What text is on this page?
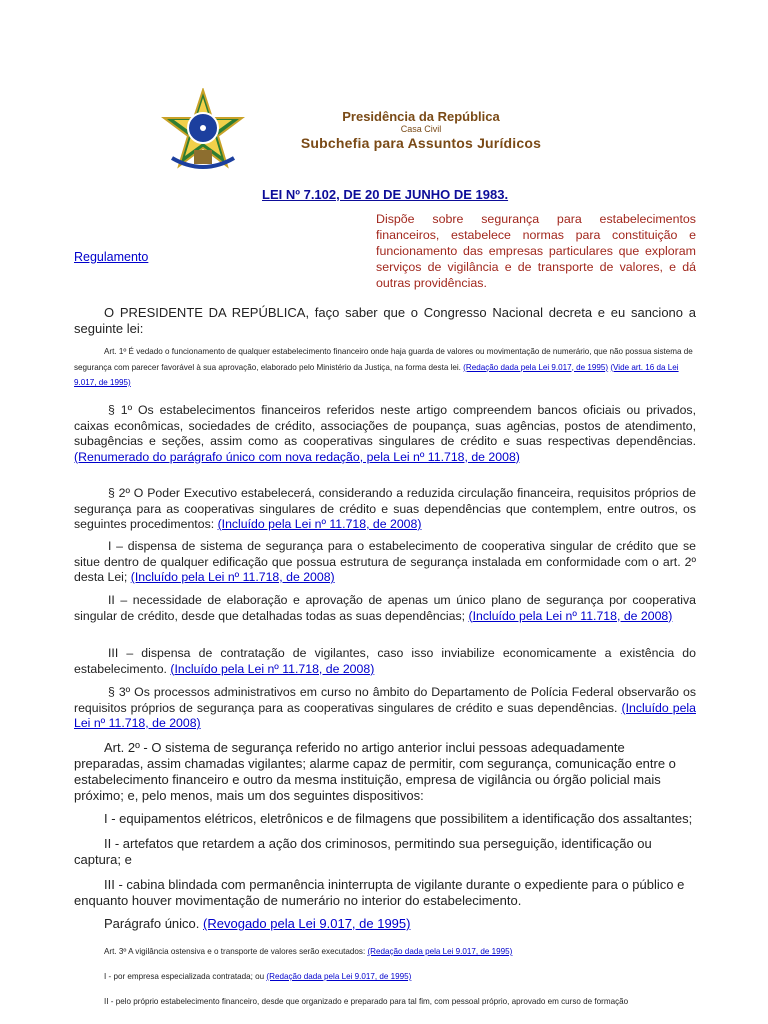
Presidência da República
Casa Civil
Subchefia para Assuntos Jurídicos
LEI Nº 7.102, DE 20 DE JUNHO DE 1983.
Dispõe sobre segurança para estabelecimentos financeiros, estabelece normas para constituição e funcionamento das empresas particulares que exploram serviços de vigilância e de transporte de valores, e dá outras providências.
Regulamento
O PRESIDENTE DA REPÚBLICA, faço saber que o Congresso Nacional decreta e eu sanciono a seguinte lei:
Art. 1º É vedado o funcionamento de qualquer estabelecimento financeiro onde haja guarda de valores ou movimentação de numerário, que não possua sistema de segurança com parecer favorável à sua aprovação, elaborado pelo Ministério da Justiça, na forma desta lei. (Redação dada pela Lei 9.017, de 1995) (Vide art. 16 da Lei 9.017, de 1995)
§ 1º Os estabelecimentos financeiros referidos neste artigo compreendem bancos oficiais ou privados, caixas econômicas, sociedades de crédito, associações de poupança, suas agências, postos de atendimento, subagências e seções, assim como as cooperativas singulares de crédito e suas respectivas dependências. (Renumerado do parágrafo único com nova redação, pela Lei nº 11.718, de 2008)
§ 2º O Poder Executivo estabelecerá, considerando a reduzida circulação financeira, requisitos próprios de segurança para as cooperativas singulares de crédito e suas dependências que contemplem, entre outros, os seguintes procedimentos: (Incluído pela Lei nº 11.718, de 2008)
I – dispensa de sistema de segurança para o estabelecimento de cooperativa singular de crédito que se situe dentro de qualquer edificação que possua estrutura de segurança instalada em conformidade com o art. 2º desta Lei; (Incluído pela Lei nº 11.718, de 2008)
II – necessidade de elaboração e aprovação de apenas um único plano de segurança por cooperativa singular de crédito, desde que detalhadas todas as suas dependências; (Incluído pela Lei nº 11.718, de 2008)
III – dispensa de contratação de vigilantes, caso isso inviabilize economicamente a existência do estabelecimento. (Incluído pela Lei nº 11.718, de 2008)
§ 3º Os processos administrativos em curso no âmbito do Departamento de Polícia Federal observarão os requisitos próprios de segurança para as cooperativas singulares de crédito e suas dependências. (Incluído pela Lei nº 11.718, de 2008)
Art. 2º - O sistema de segurança referido no artigo anterior inclui pessoas adequadamente preparadas, assim chamadas vigilantes; alarme capaz de permitir, com segurança, comunicação entre o estabelecimento financeiro e outro da mesma instituição, empresa de vigilância ou órgão policial mais próximo; e, pelo menos, mais um dos seguintes dispositivos:
I - equipamentos elétricos, eletrônicos e de filmagens que possibilitem a identificação dos assaltantes;
II - artefatos que retardem a ação dos criminosos, permitindo sua perseguição, identificação ou captura; e
III - cabina blindada com permanência ininterrupta de vigilante durante o expediente para o público e enquanto houver movimentação de numerário no interior do estabelecimento.
Parágrafo único. (Revogado pela Lei 9.017, de 1995)
Art. 3º A vigilância ostensiva e o transporte de valores serão executados: (Redação dada pela Lei 9.017, de 1995)
I - por empresa especializada contratada; ou (Redação dada pela Lei 9.017, de 1995)
II - pelo próprio estabelecimento financeiro, desde que organizado e preparado para tal fim, com pessoal próprio, aprovado em curso de formação
